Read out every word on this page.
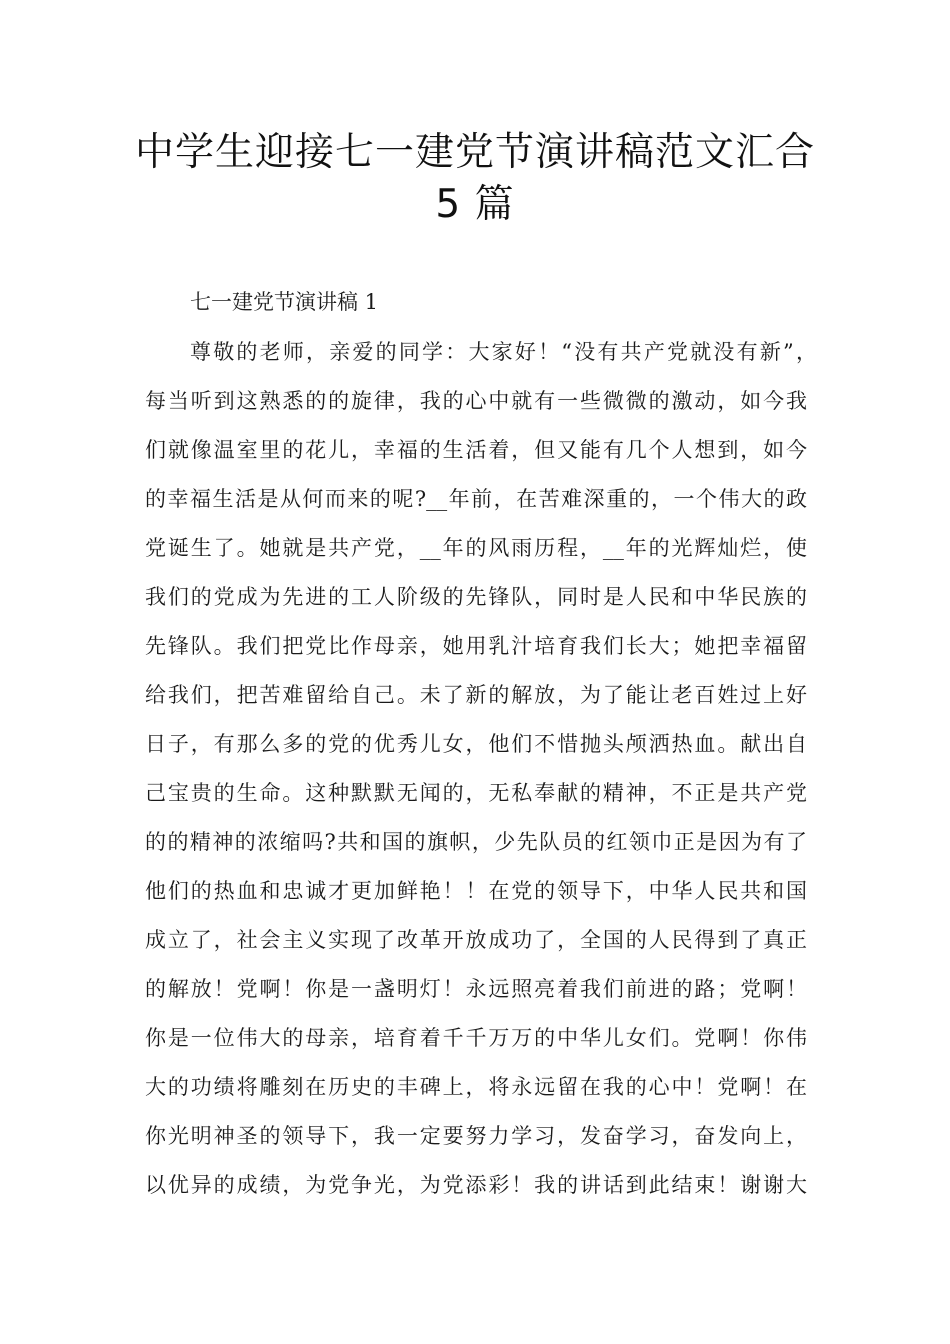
中学生迎接七一建党节演讲稿范文汇合
5 篇
七一建党节演讲稿 1
尊敬的老师，亲爱的同学：大家好！“没有共产党就没有新”，
每当听到这熟悉的的旋律，我的心中就有一些微微的激动，如今我
们就像温室里的花儿，幸福的生活着，但又能有几个人想到，如今
的幸福生活是从何而来的呢?__年前，在苦难深重的，一个伟大的政
党诞生了。她就是共产党，__年的风雨历程，__年的光辉灿烂，使
我们的党成为先进的工人阶级的先锋队，同时是人民和中华民族的
先锋队。我们把党比作母亲，她用乳汁培育我们长大；她把幸福留
给我们，把苦难留给自己。未了新的解放，为了能让老百姓过上好
日子，有那么多的党的优秀儿女，他们不惜抛头颅洒热血。献出自
己宝贵的生命。这种默默无闻的，无私奉献的精神，不正是共产党
的的精神的浓缩吗?共和国的旗帜，少先队员的红领巾正是因为有了
他们的热血和忠诚才更加鲜艳！！在党的领导下，中华人民共和国
成立了，社会主义实现了改革开放成功了，全国的人民得到了真正
的解放！党啊！你是一盏明灯！永远照亮着我们前进的路；党啊！
你是一位伟大的母亲，培育着千千万万的中华儿女们。党啊！你伟
大的功绩将雕刻在历史的丰碑上，将永远留在我的心中！党啊！在
你光明神圣的领导下，我一定要努力学习，发奋学习，奋发向上，
以优异的成绩，为党争光，为党添彩！我的讲话到此结束！谢谢大
